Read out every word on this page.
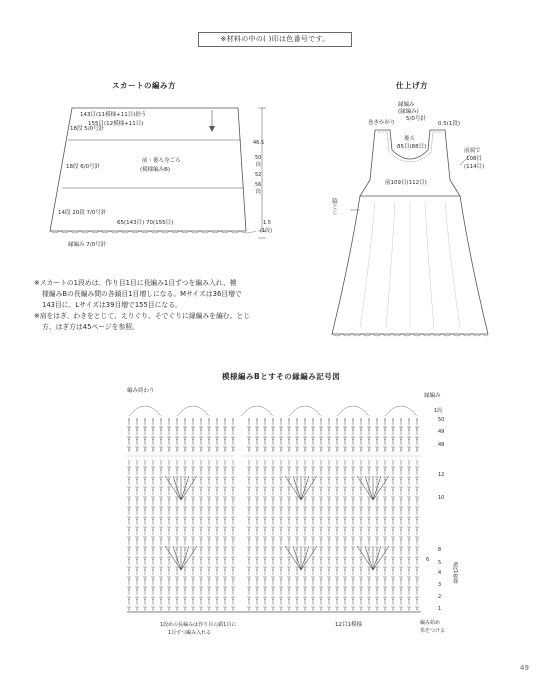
※材料の中の( )印は色番号です。
スカートの編み方
143目(11模様+11目)拾う
155目(12模様+11目)
18段 5/0号針
18段 6/0号針
前・後ろ身ごろ
(模様編みB)
14段 20段 7/0号針
65(143目) 70(155目)
縁編み 7/0号針
46.5
50
段
52
56
段
1.5
(1段)
仕上げ方
縁編み
(縁編み)
5/0号針
巻きかがり
後ろ
85目(88目)
0.5(1段)
前端で
108目
(114目)
前109目(112目)
脇とじ
※スカートの1段めは、作り目1目に長編み1目ずつを編み入れ、模
様編みBの長編み間の各鎖目1目増しになる。Mサイズは36目増で
143目に、Lサイズは39目増で155目になる。
※肩をはぎ、わきをとじて、えりぐり、そでぐりに縁編みを編む。とじ
方、はぎ方は45ページを参照。
模様編みBとすその縁編み記号図
編み終わり
縁編み
1段
50
49
48
12
10
8
6 5
4
3
2
1
6段1模様
1段めの長編みは作り目の鎖1目に
1目ずつ編み入れる
12目1模様	編み始め
糸をつける
49
